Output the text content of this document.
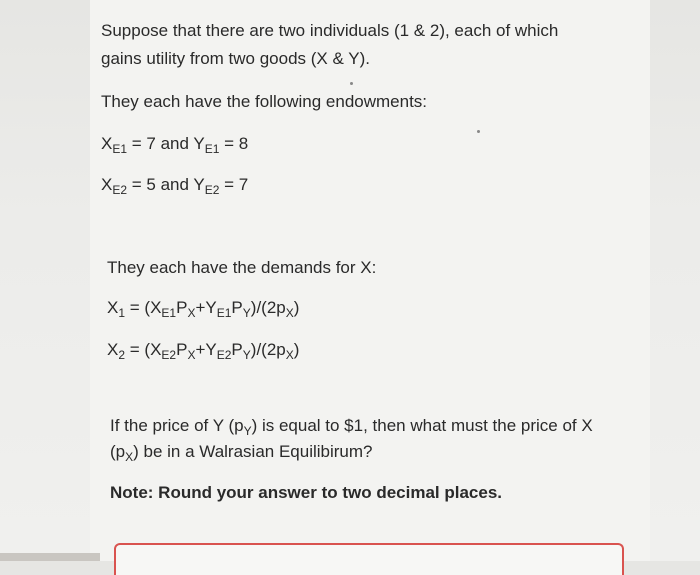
Suppose that there are two individuals (1 & 2), each of which
gains utility from two goods (X & Y).
They each have the following endowments:
$X_{E1} = 7$ and $Y_{E1} = 8$
$X_{E2} = 5$ and $Y_{E2} = 7$
They each have the demands for X:
$X_1 = (X_{E1}P_X+Y_{E1}P_Y)/(2p_X)$
$X_2 = (X_{E2}P_X+Y_{E2}P_Y)/(2p_X)$
If the price of Y $(p_Y)$ is equal to $1, then what must the price of X
$(p_X)$ be in a Walrasian Equilibirum?
Note: Round your answer to two decimal places.
